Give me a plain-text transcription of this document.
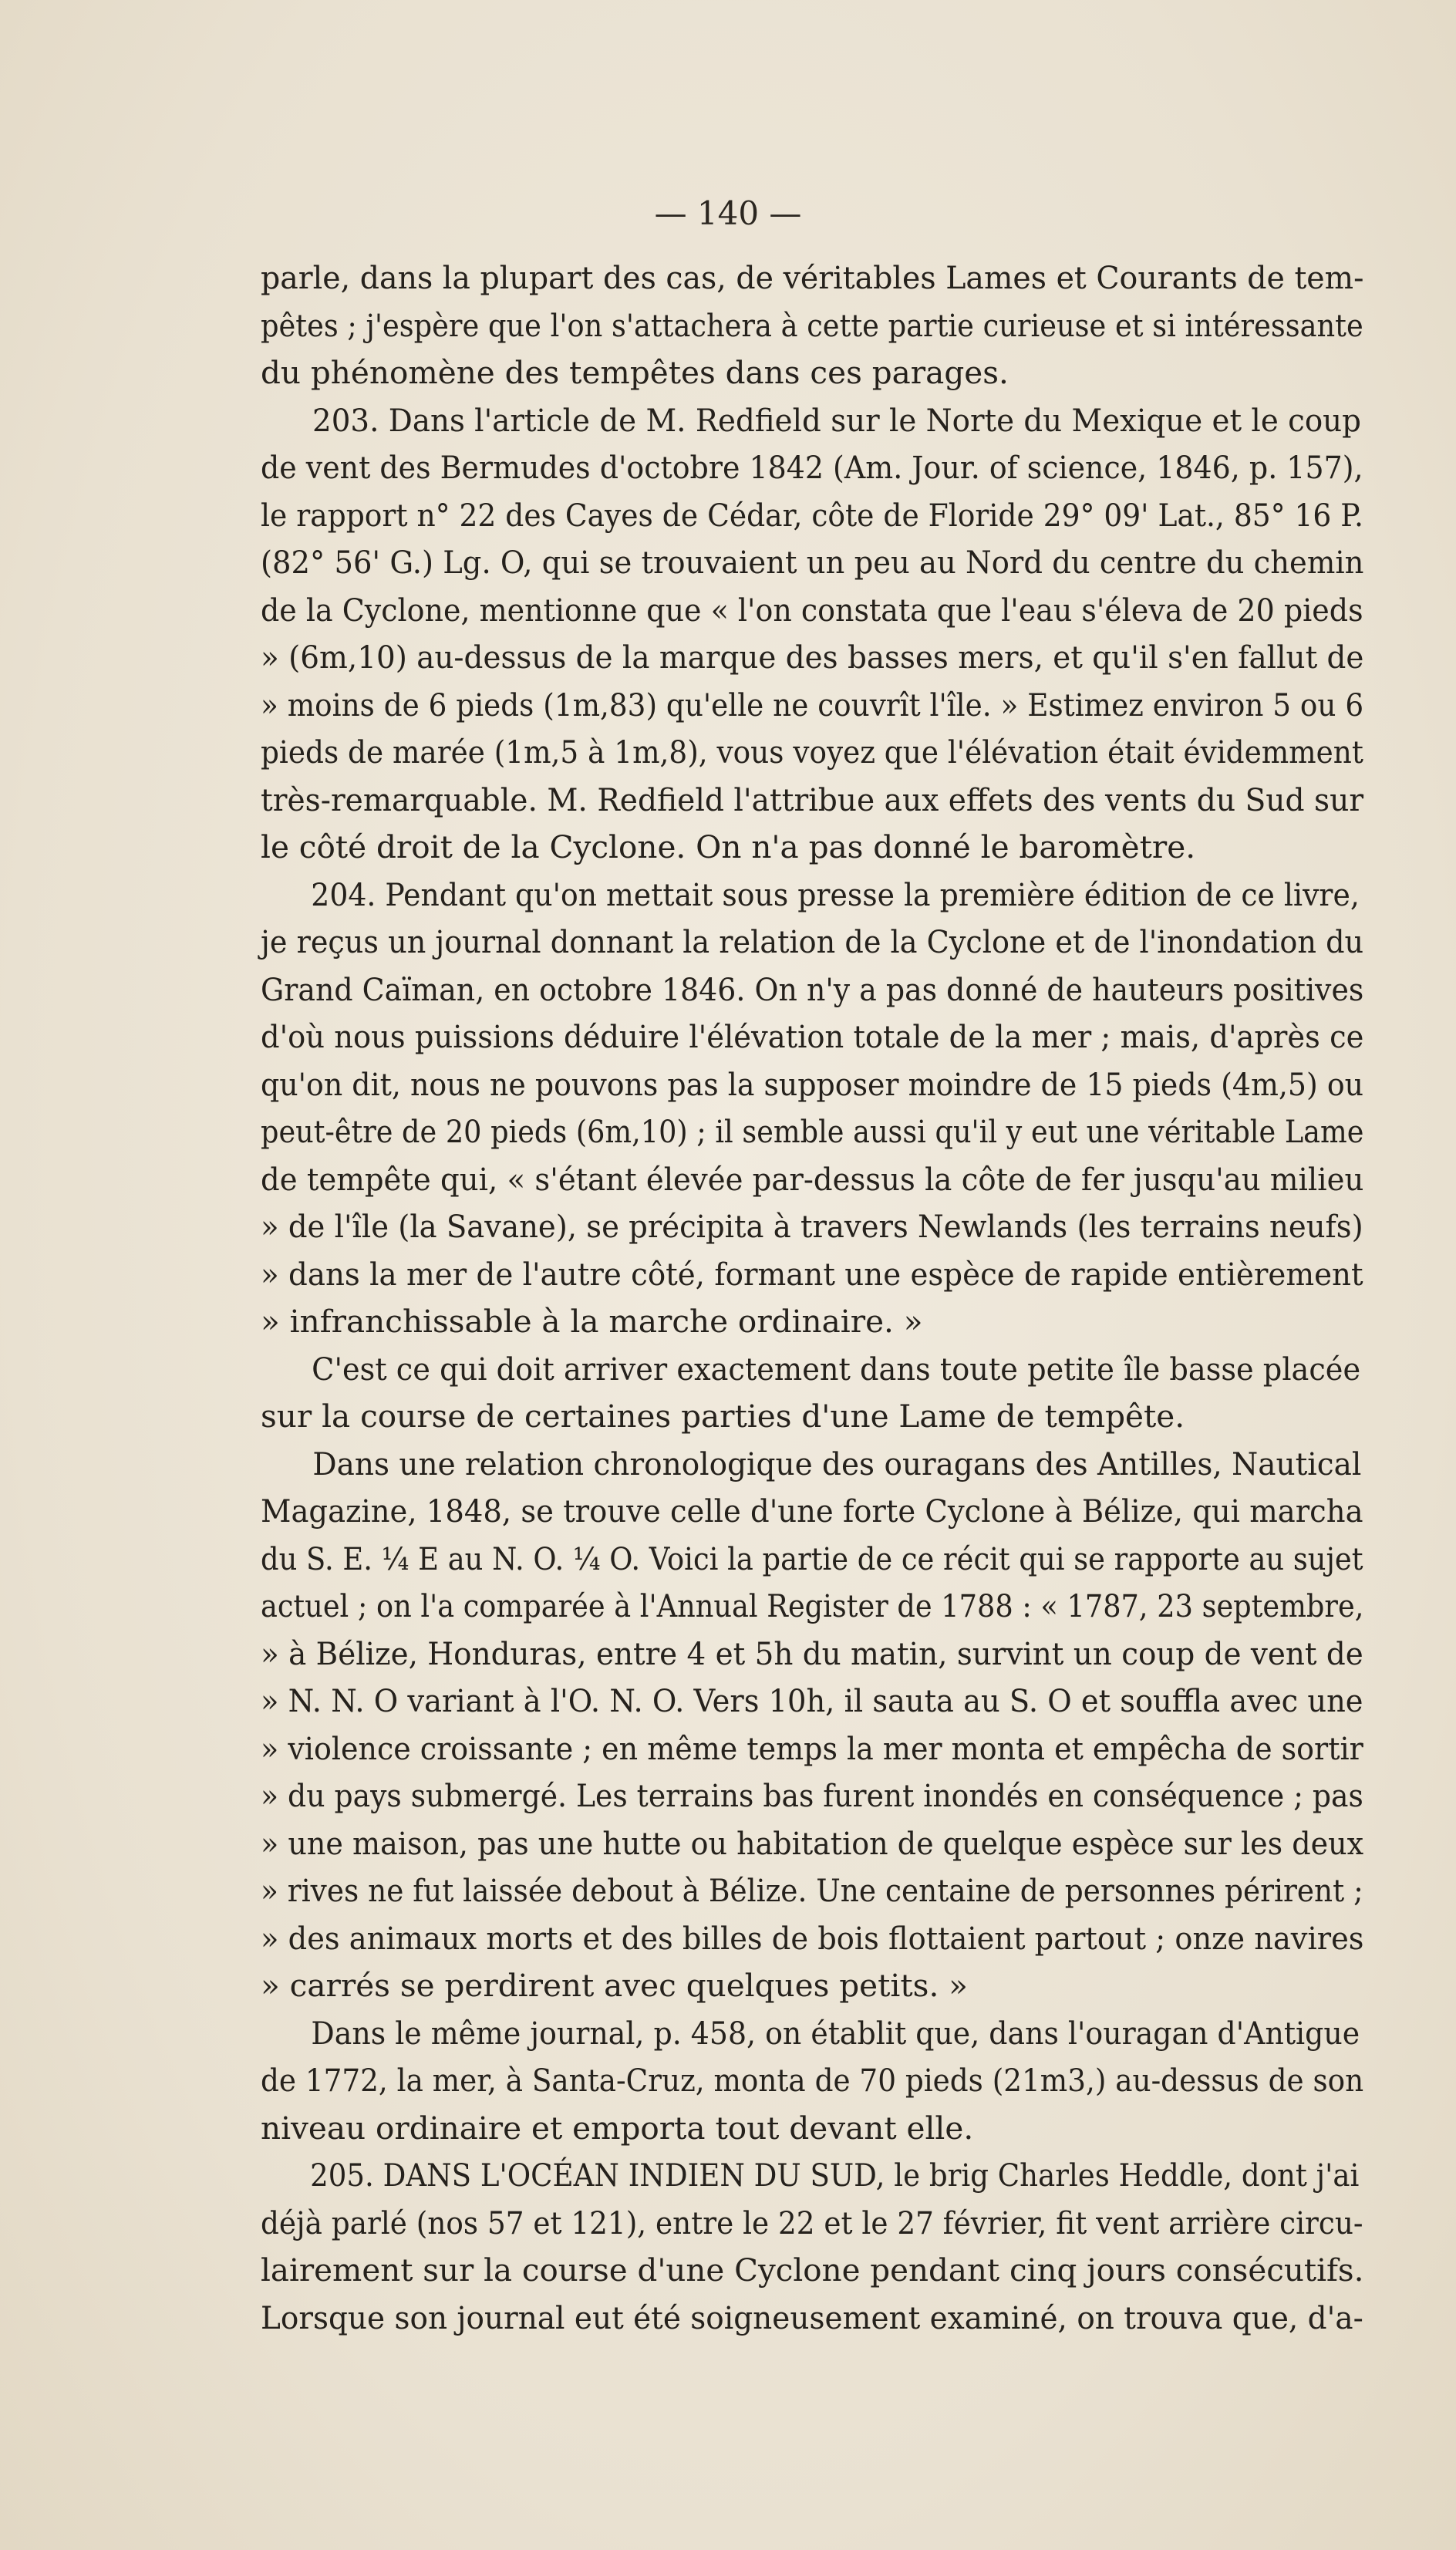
— 140 —
parle, dans la plupart des cas, de véritables Lames et Courants de tem-
pêtes ; j'espère que l'on s'attachera à cette partie curieuse et si intéressante
du phénomène des tempêtes dans ces parages.
203. Dans l'article de M. Redfield sur le Norte du Mexique et le coup
de vent des Bermudes d'octobre 1842 (Am. Jour. of science, 1846, p. 157),
le rapport n° 22 des Cayes de Cédar, côte de Floride 29° 09' Lat., 85° 16 P.
(82° 56' G.) Lg. O, qui se trouvaient un peu au Nord du centre du chemin
de la Cyclone, mentionne que « l'on constata que l'eau s'éleva de 20 pieds
» (6m,10) au-dessus de la marque des basses mers, et qu'il s'en fallut de
» moins de 6 pieds (1m,83) qu'elle ne couvrît l'île. » Estimez environ 5 ou 6
pieds de marée (1m,5 à 1m,8), vous voyez que l'élévation était évidemment
très-remarquable. M. Redfield l'attribue aux effets des vents du Sud sur
le côté droit de la Cyclone. On n'a pas donné le baromètre.
204. Pendant qu'on mettait sous presse la première édition de ce livre,
je reçus un journal donnant la relation de la Cyclone et de l'inondation du
Grand Caïman, en octobre 1846. On n'y a pas donné de hauteurs positives
d'où nous puissions déduire l'élévation totale de la mer ; mais, d'après ce
qu'on dit, nous ne pouvons pas la supposer moindre de 15 pieds (4m,5) ou
peut-être de 20 pieds (6m,10) ; il semble aussi qu'il y eut une véritable Lame
de tempête qui, « s'étant élevée par-dessus la côte de fer jusqu'au milieu
» de l'île (la Savane), se précipita à travers Newlands (les terrains neufs)
» dans la mer de l'autre côté, formant une espèce de rapide entièrement
» infranchissable à la marche ordinaire. »
C'est ce qui doit arriver exactement dans toute petite île basse placée
sur la course de certaines parties d'une Lame de tempête.
Dans une relation chronologique des ouragans des Antilles, Nautical
Magazine, 1848, se trouve celle d'une forte Cyclone à Bélize, qui marcha
du S. E. ¼ E au N. O. ¼ O. Voici la partie de ce récit qui se rapporte au sujet
actuel ; on l'a comparée à l'Annual Register de 1788 : « 1787, 23 septembre,
» à Bélize, Honduras, entre 4 et 5h du matin, survint un coup de vent de
» N. N. O variant à l'O. N. O. Vers 10h, il sauta au S. O et souffla avec une
» violence croissante ; en même temps la mer monta et empêcha de sortir
» du pays submergé. Les terrains bas furent inondés en conséquence ; pas
» une maison, pas une hutte ou habitation de quelque espèce sur les deux
» rives ne fut laissée debout à Bélize. Une centaine de personnes périrent ;
» des animaux morts et des billes de bois flottaient partout ; onze navires
» carrés se perdirent avec quelques petits. »
Dans le même journal, p. 458, on établit que, dans l'ouragan d'Antigue
de 1772, la mer, à Santa-Cruz, monta de 70 pieds (21m3,) au-dessus de son
niveau ordinaire et emporta tout devant elle.
205. DANS L'OCÉAN INDIEN DU SUD, le brig Charles Heddle, dont j'ai
déjà parlé (nos 57 et 121), entre le 22 et le 27 février, fit vent arrière circu-
lairement sur la course d'une Cyclone pendant cinq jours consécutifs.
Lorsque son journal eut été soigneusement examiné, on trouva que, d'a-
